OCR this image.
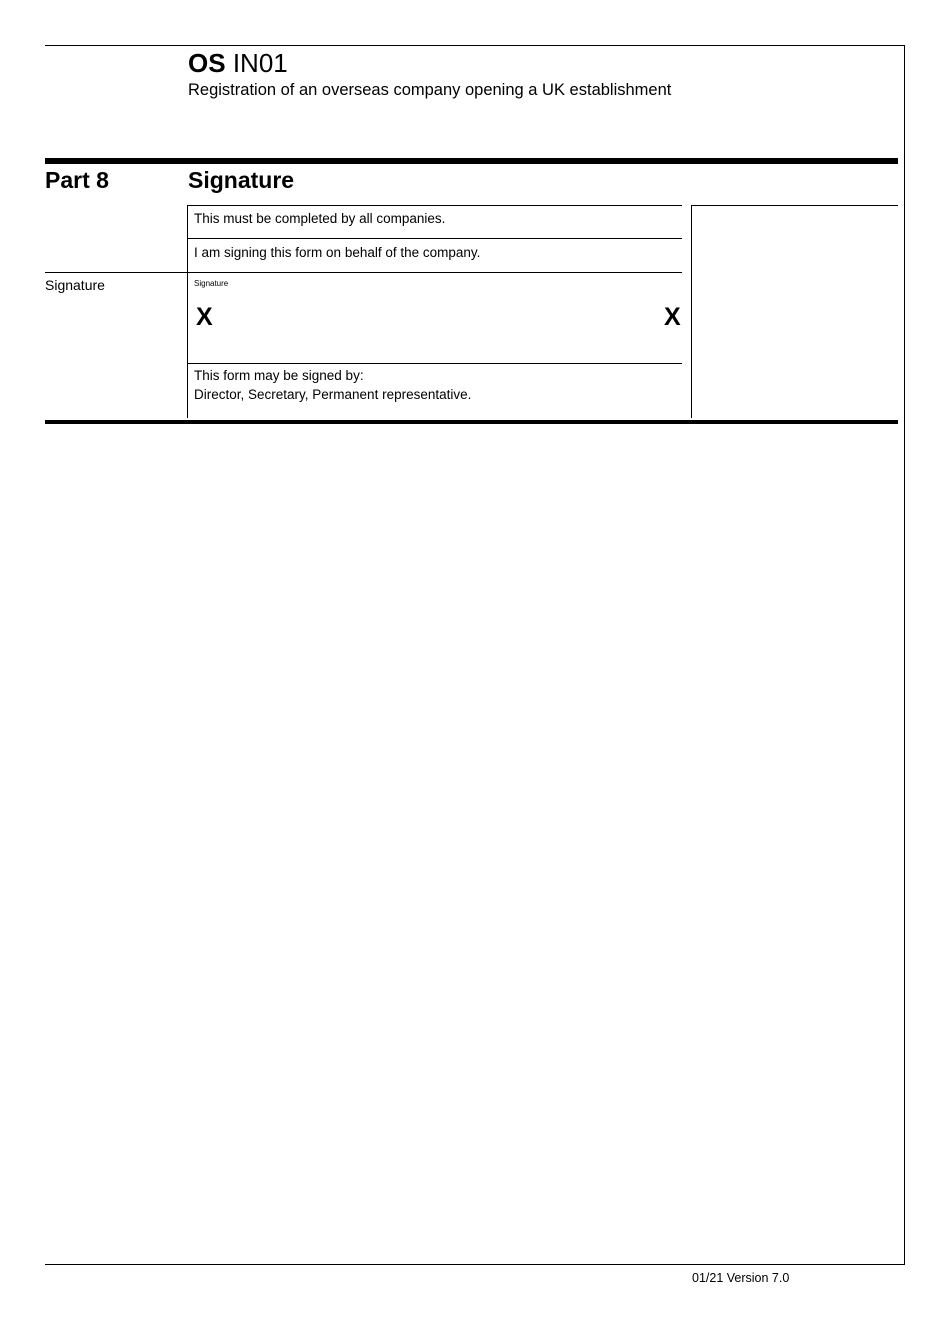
OS IN01
Registration of an overseas company opening a UK establishment
Part 8	Signature
This must be completed by all companies.
I am signing this form on behalf of the company.
Signature	Signature
X	X
This form may be signed by:
Director, Secretary, Permanent representative.
01/21 Version 7.0
